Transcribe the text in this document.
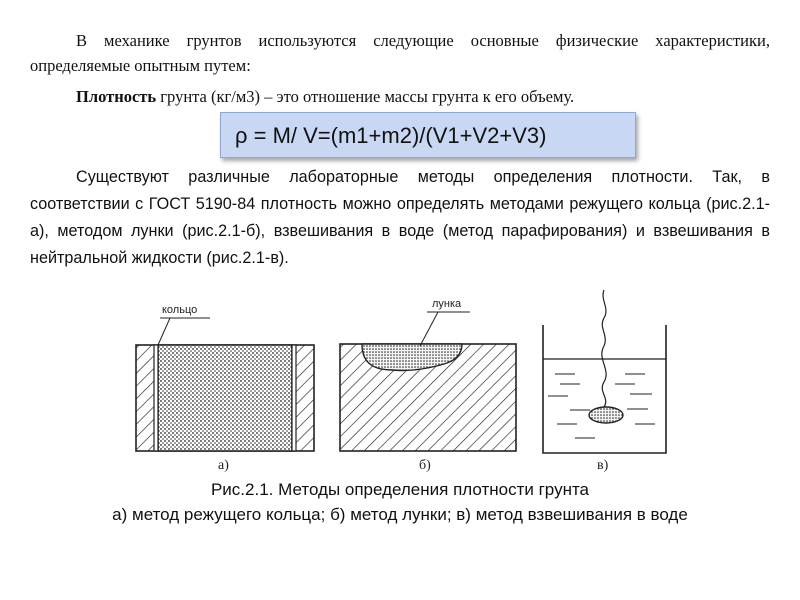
В механике грунтов используются следующие основные физические характеристики, определяемые опытным путем:
Плотность грунта (кг/м3) – это отношение массы грунта к его объему.
ρ = M/ V=(m1+m2)/(V1+V2+V3)
Существуют различные лабораторные методы определения плотности. Так, в соответствии с ГОСТ 5190-84 плотность можно определять методами режущего кольца (рис.2.1-а), методом лунки (рис.2.1-б), взвешивания в воде (метод парафирования) и взвешивания в нейтральной жидкости (рис.2.1-в).
кольцо
а)
лунка
б)	в)
Рис.2.1. Методы определения плотности грунта
а) метод режущего кольца; б) метод лунки; в) метод взвешивания в воде
